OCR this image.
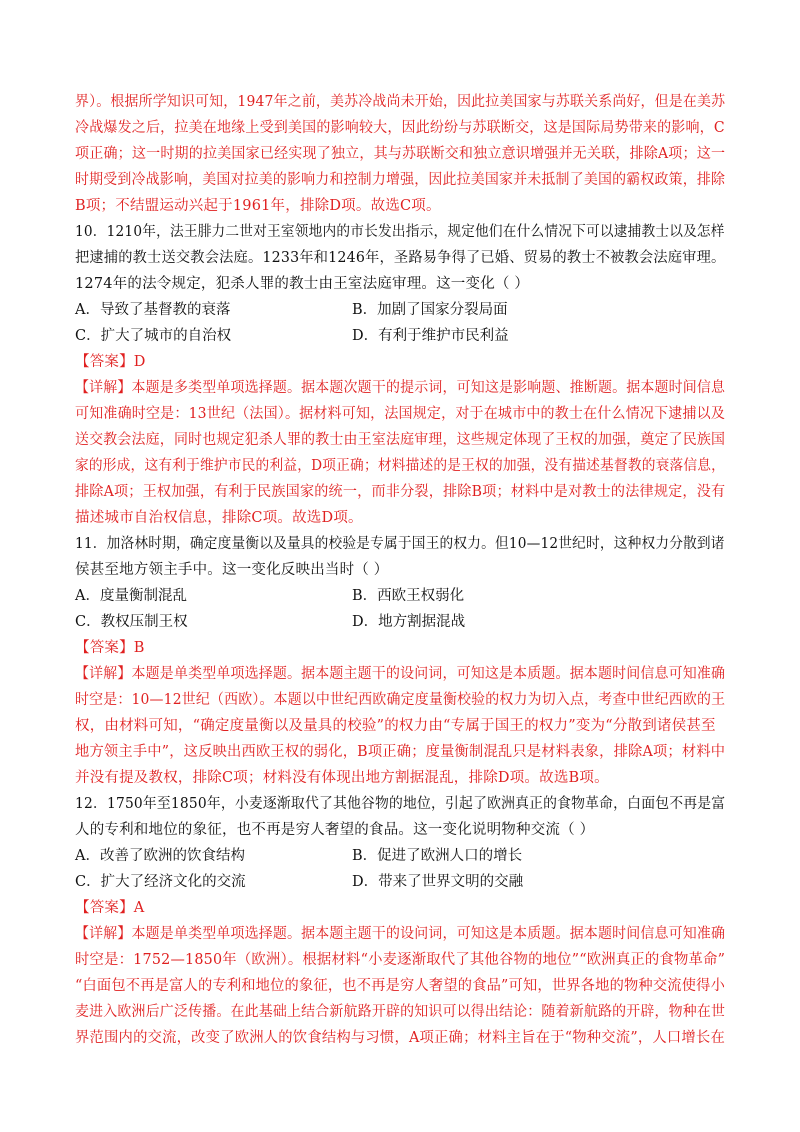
界）。根据所学知识可知，1947年之前，美苏冷战尚未开始，因此拉美国家与苏联关系尚好，但是在美苏
冷战爆发之后，拉美在地缘上受到美国的影响较大，因此纷纷与苏联断交，这是国际局势带来的影响，C
项正确；这一时期的拉美国家已经实现了独立，其与苏联断交和独立意识增强并无关联，排除A项；这一
时期受到冷战影响，美国对拉美的影响力和控制力增强，因此拉美国家并未抵制了美国的霸权政策，排除
B项；不结盟运动兴起于1961年，排除D项。故选C项。
10．1210年，法王腓力二世对王室领地内的市长发出指示，规定他们在什么情况下可以逮捕教士以及怎样
把逮捕的教士送交教会法庭。1233年和1246年，圣路易争得了已婚、贸易的教士不被教会法庭审理。
1274年的法令规定，犯杀人罪的教士由王室法庭审理。这一变化（ ）
A．导致了基督教的衰落	B．加剧了国家分裂局面
C．扩大了城市的自治权	D．有利于维护市民利益
【答案】D
【详解】本题是多类型单项选择题。据本题次题干的提示词，可知这是影响题、推断题。据本题时间信息
可知准确时空是：13世纪（法国）。据材料可知，法国规定，对于在城市中的教士在什么情况下逮捕以及
送交教会法庭，同时也规定犯杀人罪的教士由王室法庭审理，这些规定体现了王权的加强，奠定了民族国
家的形成，这有利于维护市民的利益，D项正确；材料描述的是王权的加强，没有描述基督教的衰落信息，
排除A项；王权加强，有利于民族国家的统一，而非分裂，排除B项；材料中是对教士的法律规定，没有
描述城市自治权信息，排除C项。故选D项。
11．加洛林时期，确定度量衡以及量具的校验是专属于国王的权力。但10—12世纪时，这种权力分散到诸
侯甚至地方领主手中。这一变化反映出当时（ ）
A．度量衡制混乱	B．西欧王权弱化
C．教权压制王权	D．地方割据混战
【答案】B
【详解】本题是单类型单项选择题。据本题主题干的设问词，可知这是本质题。据本题时间信息可知准确
时空是：10—12世纪（西欧）。本题以中世纪西欧确定度量衡校验的权力为切入点，考查中世纪西欧的王
权，由材料可知，“确定度量衡以及量具的校验”的权力由“专属于国王的权力”变为“分散到诸侯甚至
地方领主手中”，这反映出西欧王权的弱化，B项正确；度量衡制混乱只是材料表象，排除A项；材料中
并没有提及教权，排除C项；材料没有体现出地方割据混乱，排除D项。故选B项。
12．1750年至1850年，小麦逐渐取代了其他谷物的地位，引起了欧洲真正的食物革命，白面包不再是富
人的专利和地位的象征，也不再是穷人奢望的食品。这一变化说明物种交流（ ）
A．改善了欧洲的饮食结构	B．促进了欧洲人口的增长
C．扩大了经济文化的交流	D．带来了世界文明的交融
【答案】A
【详解】本题是单类型单项选择题。据本题主题干的设问词，可知这是本质题。据本题时间信息可知准确
时空是：1752—1850年（欧洲）。根据材料“小麦逐渐取代了其他谷物的地位”“欧洲真正的食物革命”
“白面包不再是富人的专利和地位的象征，也不再是穷人奢望的食品”可知，世界各地的物种交流使得小
麦进入欧洲后广泛传播。在此基础上结合新航路开辟的知识可以得出结论：随着新航路的开辟，物种在世
界范围内的交流，改变了欧洲人的饮食结构与习惯，A项正确；材料主旨在于“物种交流”，人口增长在
